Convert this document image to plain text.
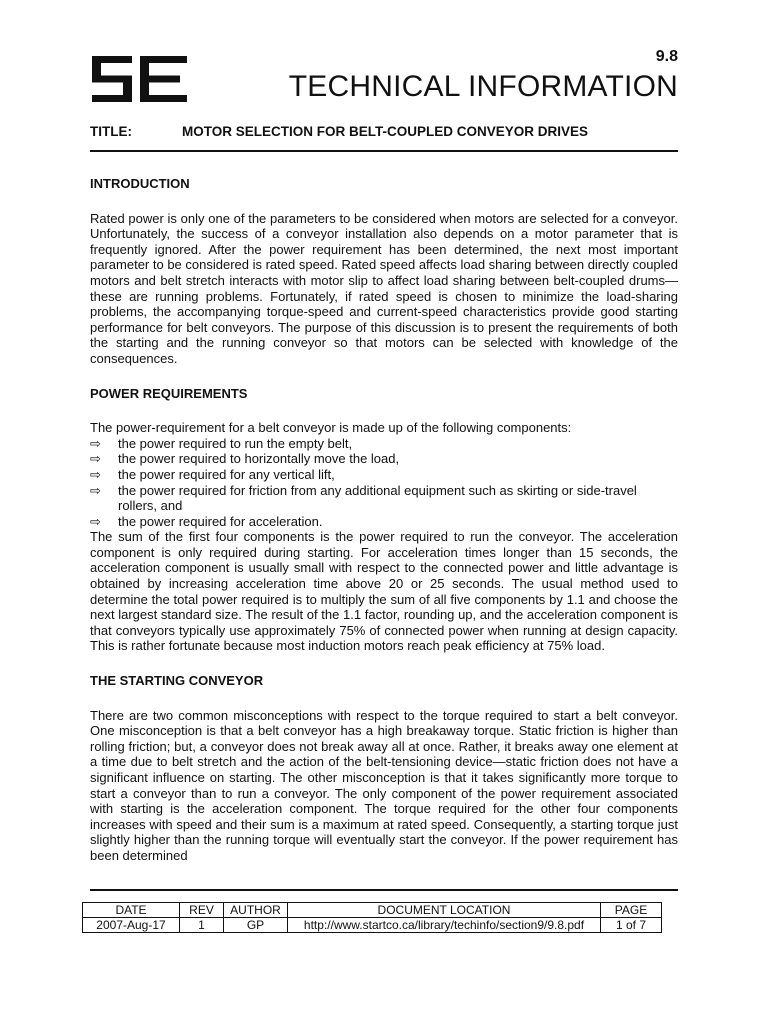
9.8
TECHNICAL INFORMATION
TITLE:	MOTOR SELECTION FOR BELT-COUPLED CONVEYOR DRIVES
INTRODUCTION

Rated power is only one of the parameters to be considered when motors are selected for a conveyor. Unfortunately, the success of a conveyor installation also depends on a motor parameter that is frequently ignored. After the power requirement has been determined, the next most important parameter to be considered is rated speed. Rated speed affects load sharing between directly coupled motors and belt stretch interacts with motor slip to affect load sharing between belt-coupled drums—these are running problems. Fortunately, if rated speed is chosen to minimize the load-sharing problems, the accompanying torque-speed and current-speed characteristics provide good starting performance for belt conveyors. The purpose of this discussion is to present the requirements of both the starting and the running conveyor so that motors can be selected with knowledge of the consequences.

POWER REQUIREMENTS

The power-requirement for a belt conveyor is made up of the following components:

⇨ the power required to run the empty belt,
⇨ the power required to horizontally move the load,
⇨ the power required for any vertical lift,
⇨ the power required for friction from any additional equipment such as skirting or side-travel rollers, and
⇨ the power required for acceleration.

The sum of the first four components is the power required to run the conveyor. The acceleration component is only required during starting. For acceleration times longer than 15 seconds, the acceleration component is usually small with respect to the connected power and little advantage is obtained by increasing acceleration time above 20 or 25 seconds. The usual method used to determine the total power required is to multiply the sum of all five components by 1.1 and choose the next largest standard size. The result of the 1.1 factor, rounding up, and the acceleration component is that conveyors typically use approximately 75% of connected power when running at design capacity. This is rather fortunate because most induction motors reach peak efficiency at 75% load.

THE STARTING CONVEYOR

There are two common misconceptions with respect to the torque required to start a belt conveyor. One misconception is that a belt conveyor has a high breakaway torque. Static friction is higher than rolling friction; but, a conveyor does not break away all at once. Rather, it breaks away one element at a time due to belt stretch and the action of the belt-tensioning device—static friction does not have a significant influence on starting. The other misconception is that it takes significantly more torque to start a conveyor than to run a conveyor. The only component of the power requirement associated with starting is the acceleration component. The torque required for the other four components increases with speed and their sum is a maximum at rated speed. Consequently, a starting torque just slightly higher than the running torque will eventually start the conveyor. If the power requirement has been determined

DATE	REV	AUTHOR	DOCUMENT LOCATION	PAGE
2007-Aug-17	1	GP	http://www.startco.ca/library/techinfo/section9/9.8.pdf	1 of 7
